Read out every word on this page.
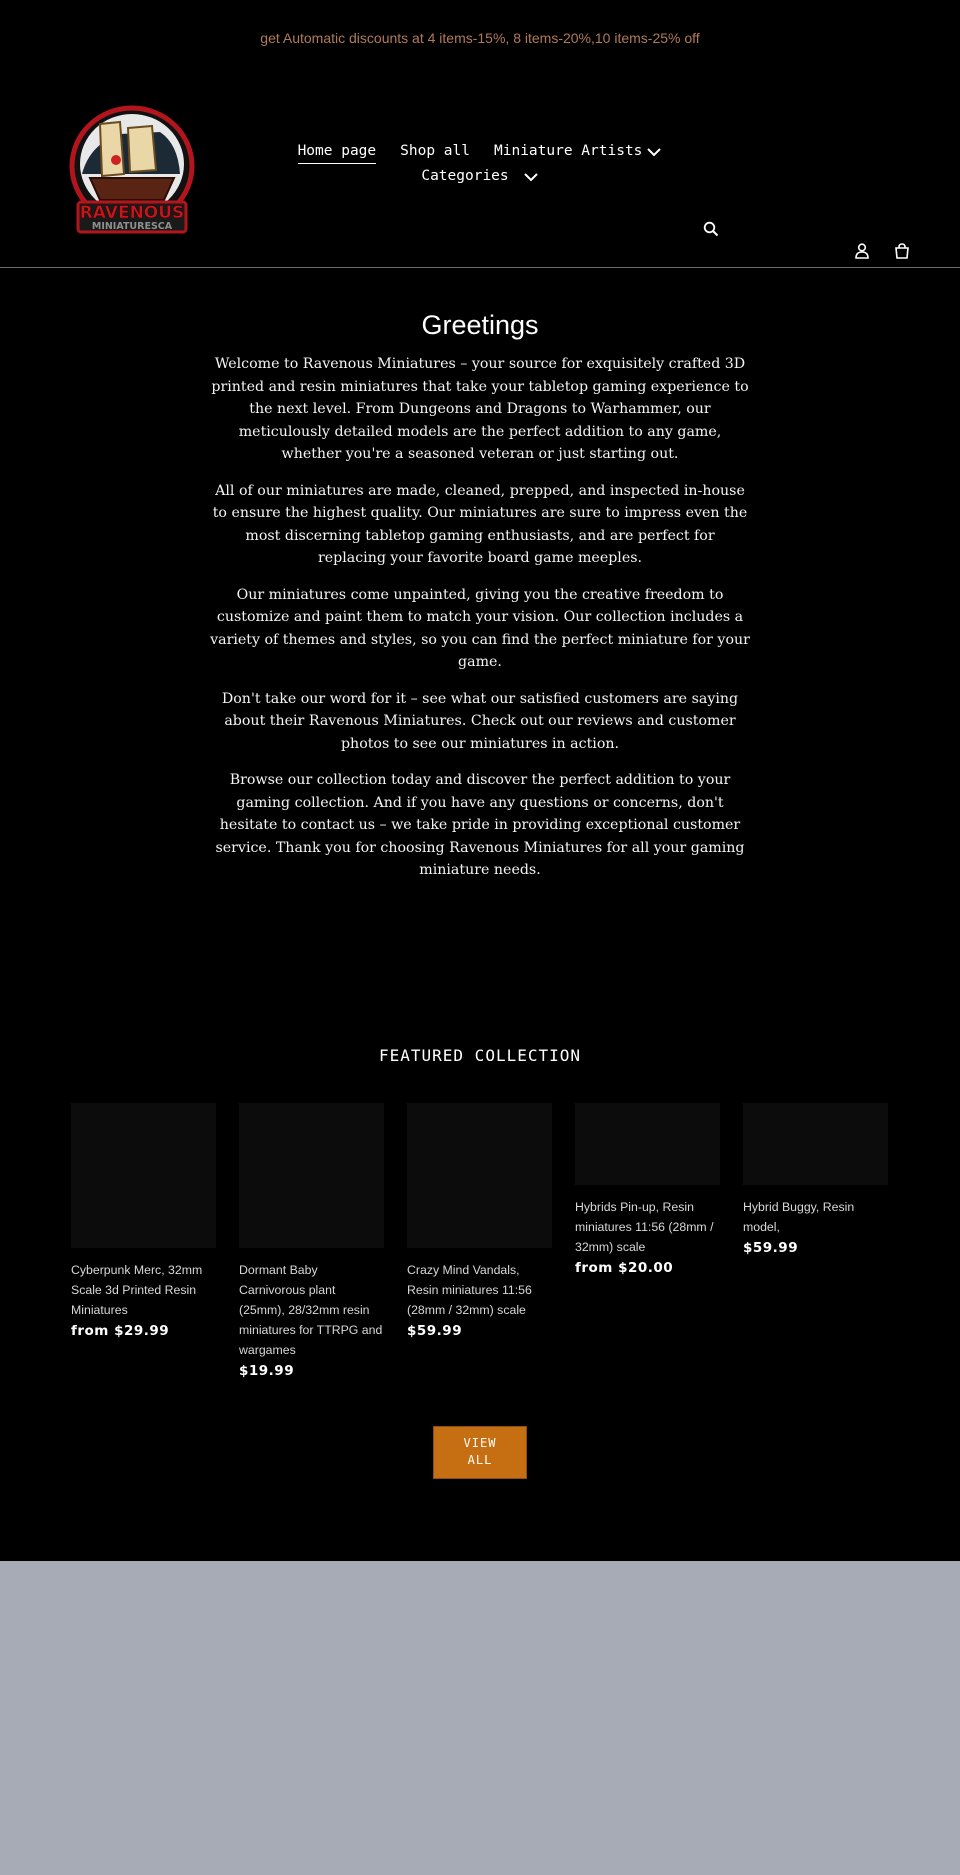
get Automatic discounts at 4 items-15%, 8 items-20%,10 items-25% off
RAVENOUS
MINIATURESCA
Home page Shop all Miniature Artists
Categories
Greetings

Welcome to Ravenous Miniatures – your source for exquisitely crafted 3D printed and resin miniatures that take your tabletop gaming experience to the next level. From Dungeons and Dragons to Warhammer, our meticulously detailed models are the perfect addition to any game, whether you're a seasoned veteran or just starting out.

All of our miniatures are made, cleaned, prepped, and inspected in-house to ensure the highest quality. Our miniatures are sure to impress even the most discerning tabletop gaming enthusiasts, and are perfect for replacing your favorite board game meeples.

Our miniatures come unpainted, giving you the creative freedom to customize and paint them to match your vision. Our collection includes a variety of themes and styles, so you can find the perfect miniature for your game.

Don't take our word for it – see what our satisfied customers are saying about their Ravenous Miniatures. Check out our reviews and customer photos to see our miniatures in action.

Browse our collection today and discover the perfect addition to your gaming collection. And if you have any questions or concerns, don't hesitate to contact us – we take pride in providing exceptional customer service. Thank you for choosing Ravenous Miniatures for all your gaming miniature needs.

FEATURED COLLECTION
Cyberpunk Merc, 32mm Scale 3d Printed Resin Miniatures
from $29.99
Dormant Baby Carnivorous plant (25mm), 28/32mm resin miniatures for TTRPG and wargames
$19.99
Crazy Mind Vandals, Resin miniatures 11:56 (28mm / 32mm) scale
$59.99
Hybrids Pin-up, Resin miniatures 11:56 (28mm / 32mm) scale
from $20.00
Hybrid Buggy, Resin model,
$59.99
VIEW ALL
